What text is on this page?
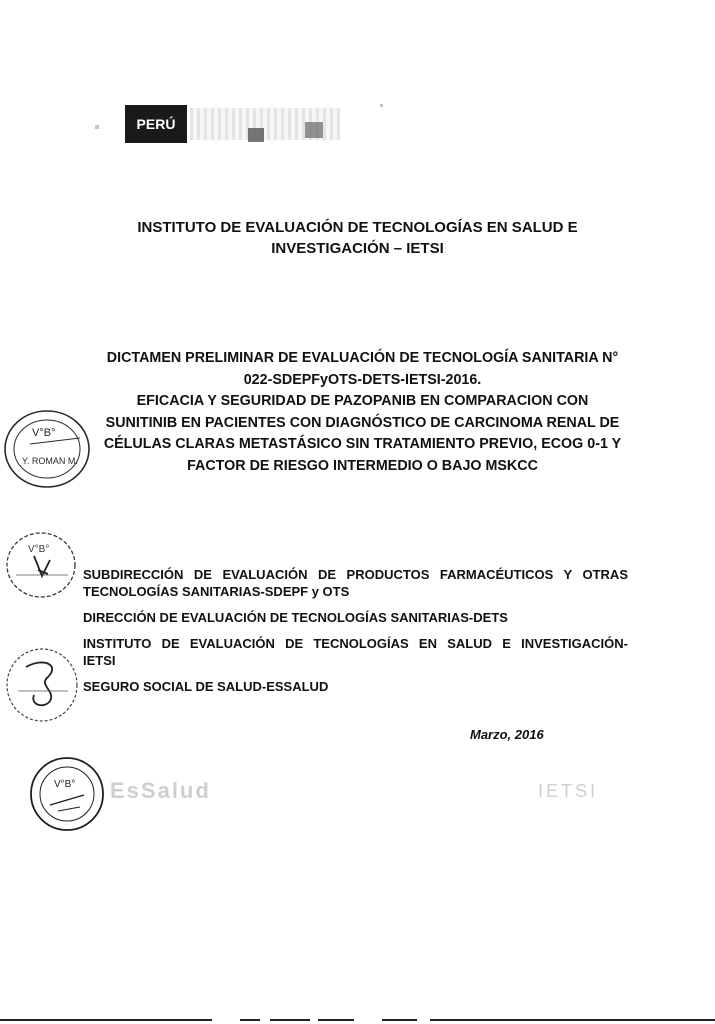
PERÚ
INSTITUTO DE EVALUACIÓN DE TECNOLOGÍAS EN SALUD E
INVESTIGACIÓN – IETSI
DICTAMEN PRELIMINAR DE EVALUACIÓN DE TECNOLOGÍA SANITARIA N°
022-SDEPFyOTS-DETS-IETSI-2016.
EFICACIA Y SEGURIDAD DE PAZOPANIB EN COMPARACION CON
SUNITINIB EN PACIENTES CON DIAGNÓSTICO DE CARCINOMA RENAL DE
CÉLULAS CLARAS METASTÁSICO SIN TRATAMIENTO PREVIO, ECOG 0-1 Y
FACTOR DE RIESGO INTERMEDIO O BAJO MSKCC
V°B°
Y. ROMAN M.
V°B°
SUBDIRECCIÓN DE EVALUACIÓN DE PRODUCTOS FARMACÉUTICOS Y OTRAS
TECNOLOGÍAS SANITARIAS-SDEPF y OTS
DIRECCIÓN DE EVALUACIÓN DE TECNOLOGÍAS SANITARIAS-DETS
INSTITUTO DE EVALUACIÓN DE TECNOLOGÍAS EN SALUD E INVESTIGACIÓN-
IETSI
SEGURO SOCIAL DE SALUD-ESSALUD
Marzo, 2016
V°B° EsSalud	IETSI
